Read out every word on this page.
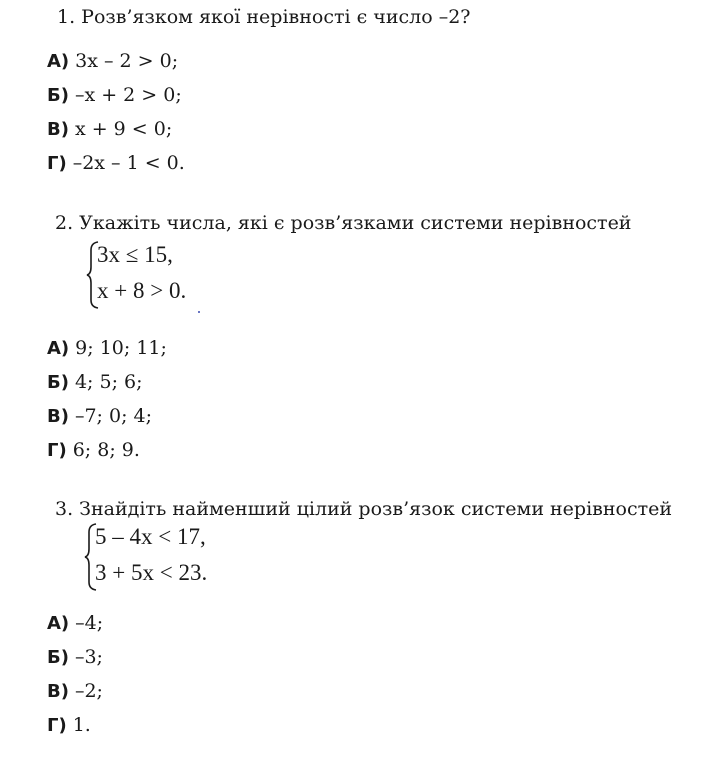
1. Розв’язком якої нерівності є число –2?
А) 3x – 2 > 0;
Б) –x + 2 > 0;
В) x + 9 < 0;
Г) –2x – 1 < 0.
2. Укажіть числа, які є розв’язками системи нерівностей
3x ≤ 15,
x + 8 > 0.
А) 9; 10; 11;
Б) 4; 5; 6;
В) –7; 0; 4;
Г) 6; 8; 9.
3. Знайдіть найменший цілий розв’язок системи нерівностей
5 – 4x < 17,
3 + 5x < 23.
А) –4;
Б) –3;
В) –2;
Г) 1.
